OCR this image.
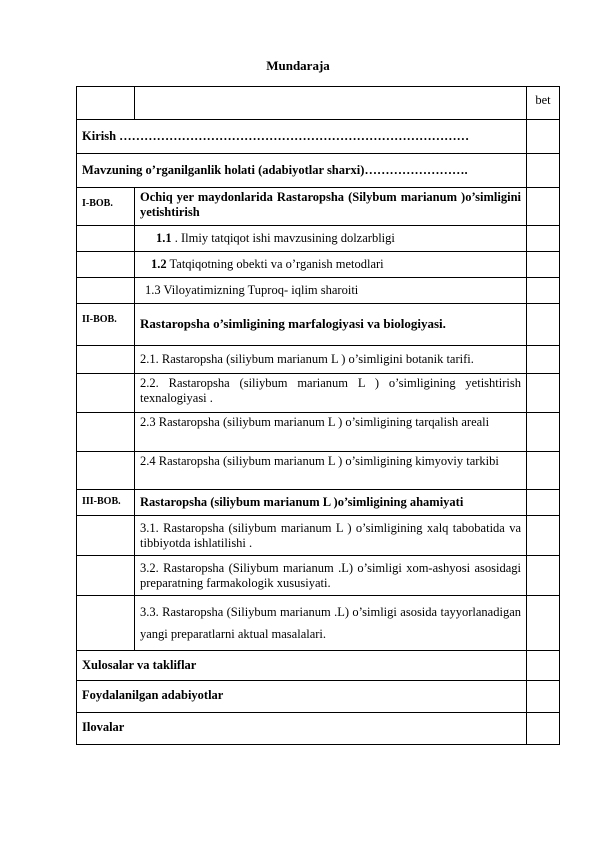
Mundaraja
		bet
Kirish …………………………………………………………………………		
Mavzuning o’rganilganlik holati (adabiyotlar sharxi)…………………….		
I-BOB.	Ochiq yer maydonlarida Rastaropsha (Silybum marianum )o’simligini yetishtirish	
	1.1 . Ilmiy tatqiqot ishi mavzusining dolzarbligi	
	1.2 Tatqiqotning obekti va o’rganish metodlari	
	1.3 Viloyatimizning Tuproq- iqlim sharoiti	
II-BOB.	Rastaropsha o’simligining marfalogiyasi va biologiyasi.	
	2.1. Rastaropsha (siliybum marianum L ) o’simligini botanik tarifi.	
	2.2. Rastaropsha (siliybum marianum L ) o’simligining yetishtirish texnalogiyasi .	
	2.3 Rastaropsha (siliybum marianum L ) o’simligining tarqalish areali	
	2.4 Rastaropsha (siliybum marianum L ) o’simligining kimyoviy tarkibi	
III-BOB.	Rastaropsha (siliybum marianum L )o’simligining ahamiyati	
	3.1. Rastaropsha (siliybum marianum L ) o’simligining xalq tabobatida va tibbiyotda ishlatilishi .	
	3.2. Rastaropsha (Siliybum marianum .L) o’simligi xom-ashyosi asosidagi preparatning farmakologik xususiyati.	
	3.3. Rastaropsha (Siliybum marianum .L) o’simligi asosida tayyorlanadigan yangi preparatlarni aktual masalalari.	
Xulosalar va takliflar		
Foydalanilgan adabiyotlar		
Ilovalar		
